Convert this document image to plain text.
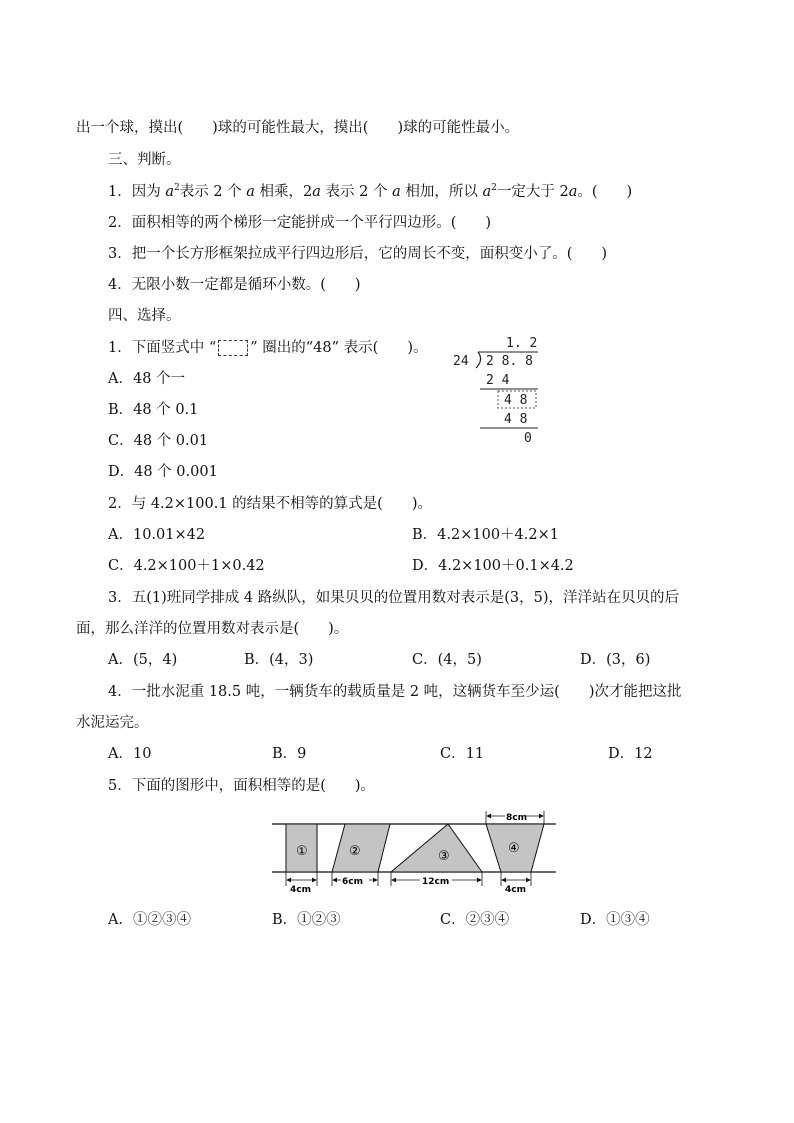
出一个球，摸出(　　)球的可能性最大，摸出(　　)球的可能性最小。
三、判断。
1．因为 $a^2$表示 2 个 a 相乘，2a 表示 2 个 a 相加，所以 $a^2$一定大于 2a。(　　)
2．面积相等的两个梯形一定能拼成一个平行四边形。(　　)
3．把一个长方形框架拉成平行四边形后，它的周长不变，面积变小了。(　　)
4．无限小数一定都是循环小数。(　　)
四、选择。
1．下面竖式中 “ ” 圈出的“48” 表示(　　)。
A．48 个一
B．48 个 0.1
C．48 个 0.01
D．48 个 0.001
1. 2
24 2 8. 8
2 4
4 8
4 8
0
2．与 4.2×100.1 的结果不相等的算式是(　　)。
A．10.01×42	B．4.2×100＋4.2×1
C．4.2×100＋1×0.42	D．4.2×100＋0.1×4.2
3．五(1)班同学排成 4 路纵队，如果贝贝的位置用数对表示是(3，5)，洋洋站在贝贝的后
面，那么洋洋的位置用数对表示是(　　)。
A．(5，4)	B．(4，3)	C．(4，5)	D．(3，6)
4．一批水泥重 18.5 吨，一辆货车的载质量是 2 吨，这辆货车至少运(　　)次才能把这批
水泥运完。
A．10	B．9	C．11	D．12
5．下面的图形中，面积相等的是(　　)。
①	②	③
④
8cm
4cm
6cm	12cm
4cm
A．①②③④	B．①②③	C．②③④	D．①③④
